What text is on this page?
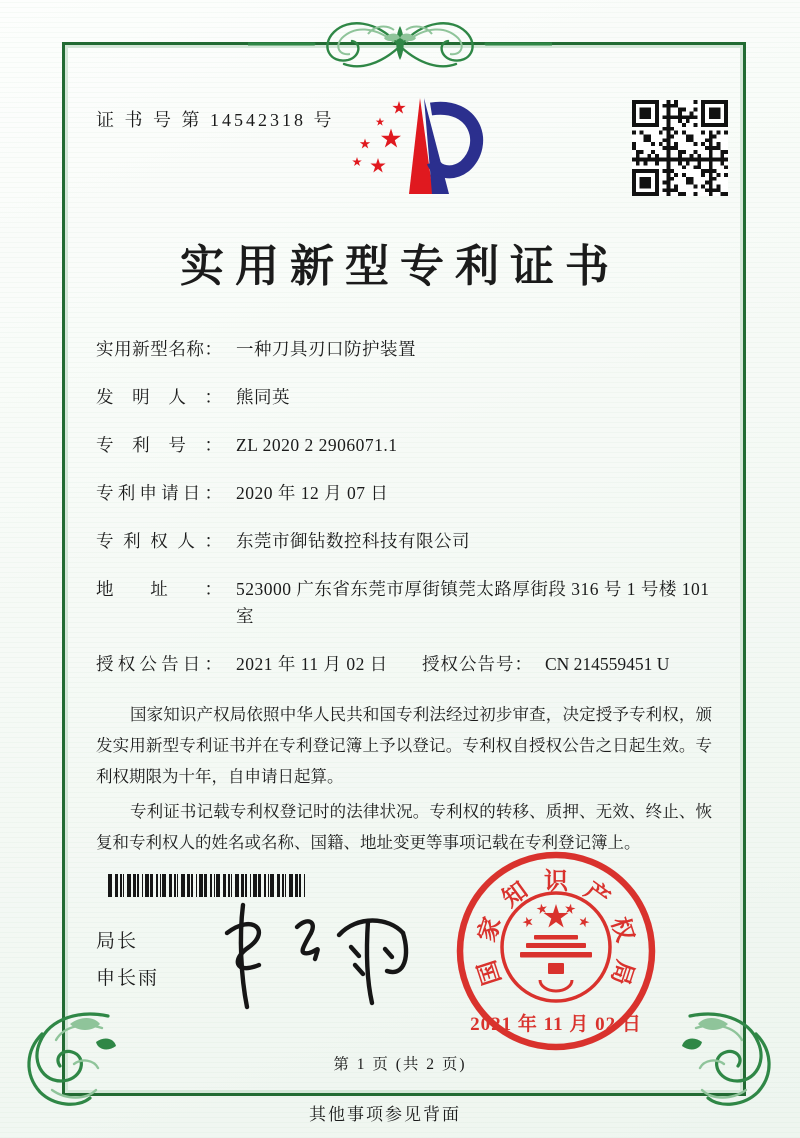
证 书 号 第 14542318 号
实用新型专利证书
实用新型名称： 一种刀具刃口防护装置
发明人： 熊同英
专利号： ZL 2020 2 2906071.1
专利申请日： 2020 年 12 月 07 日
专利权人： 东莞市御钻数控科技有限公司
地址： 523000 广东省东莞市厚街镇莞太路厚街段 316 号 1 号楼 101 室
授权公告日： 2021 年 11 月 02 日	授权公告号： CN 214559451 U

国家知识产权局依照中华人民共和国专利法经过初步审查，决定授予专利权，颁发实用新型专利证书并在专利登记簿上予以登记。专利权自授权公告之日起生效。专利权期限为十年，自申请日起算。

专利证书记载专利权登记时的法律状况。专利权的转移、质押、无效、终止、恢复和专利权人的姓名或名称、国籍、地址变更等事项记载在专利登记簿上。

局长
申长雨	国
家
知 识 产
权
局
2021 年 11 月 02 日
第 1 页 (共 2 页)
其他事项参见背面
